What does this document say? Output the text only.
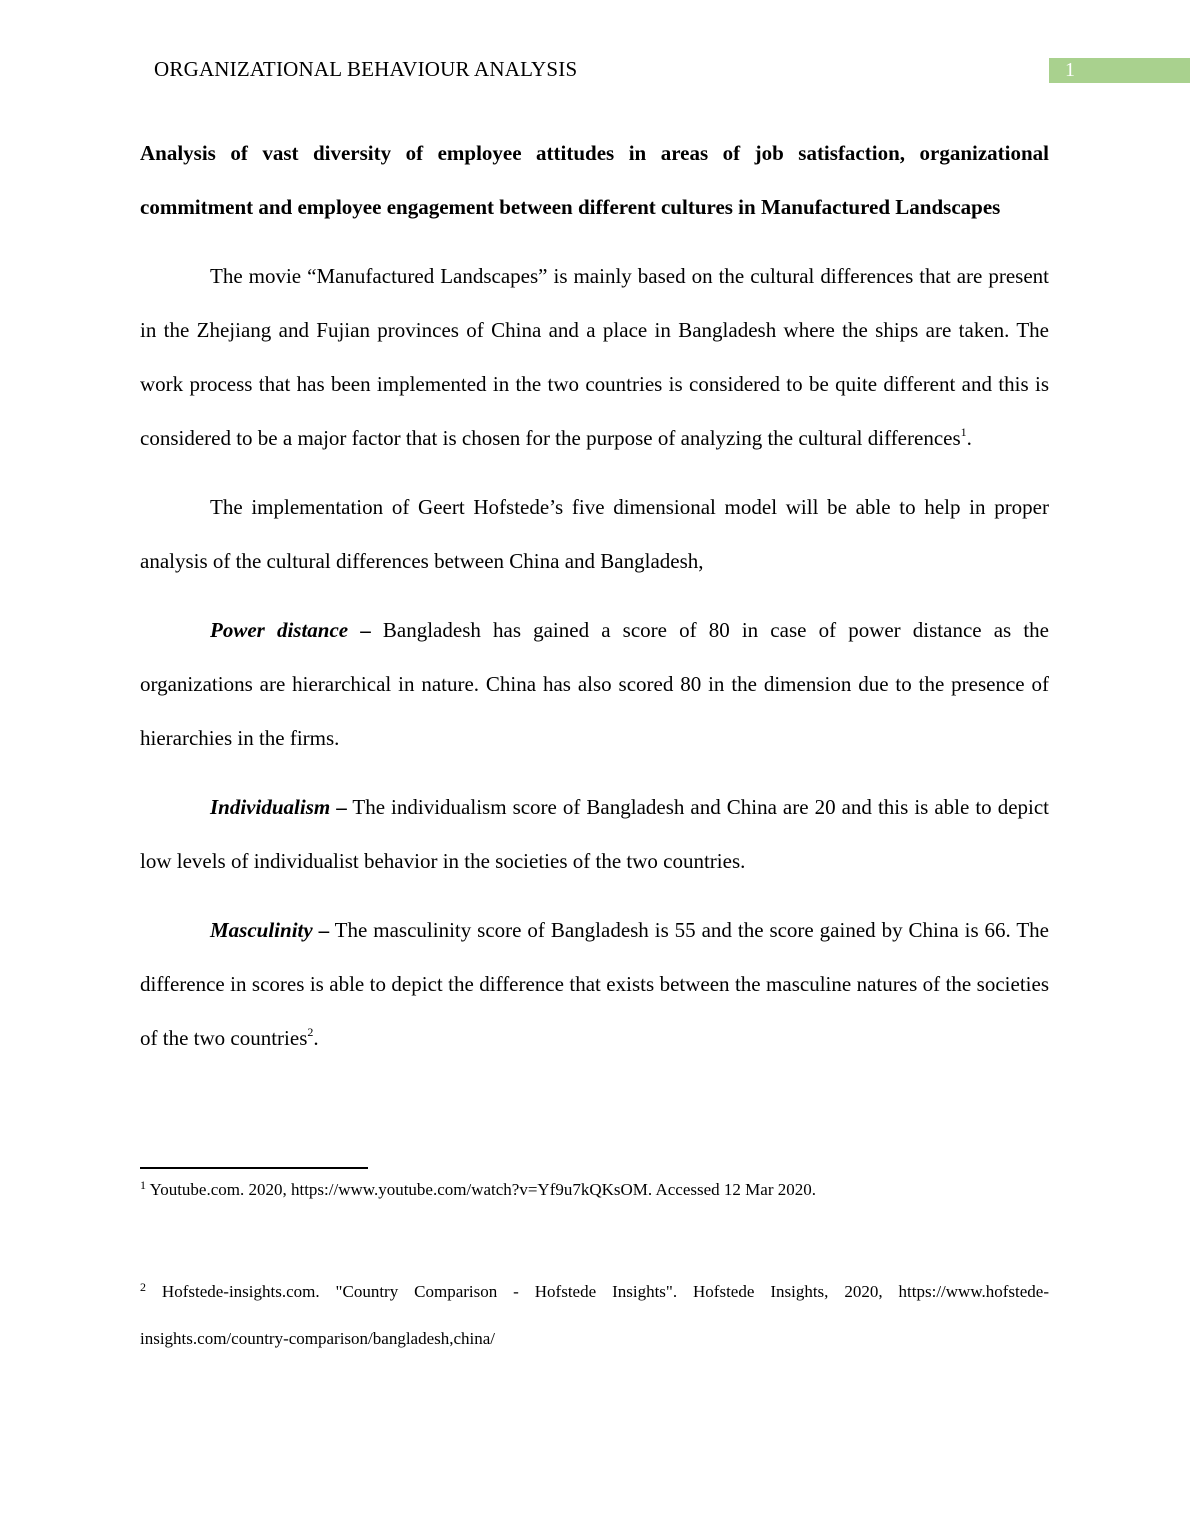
ORGANIZATIONAL BEHAVIOUR ANALYSIS	1
Analysis of vast diversity of employee attitudes in areas of job satisfaction, organizational commitment and employee engagement between different cultures in Manufactured Landscapes

The movie “Manufactured Landscapes” is mainly based on the cultural differences that are present in the Zhejiang and Fujian provinces of China and a place in Bangladesh where the ships are taken. The work process that has been implemented in the two countries is considered to be quite different and this is considered to be a major factor that is chosen for the purpose of analyzing the cultural differences$^1$.

The implementation of Geert Hofstede’s five dimensional model will be able to help in proper analysis of the cultural differences between China and Bangladesh,

Power distance – Bangladesh has gained a score of 80 in case of power distance as the organizations are hierarchical in nature. China has also scored 80 in the dimension due to the presence of hierarchies in the firms.

Individualism – The individualism score of Bangladesh and China are 20 and this is able to depict low levels of individualist behavior in the societies of the two countries.

Masculinity – The masculinity score of Bangladesh is 55 and the score gained by China is 66. The difference in scores is able to depict the difference that exists between the masculine natures of the societies of the two countries$^2$.

$^1$ Youtube.com. 2020, https://www.youtube.com/watch?v=Yf9u7kQKsOM. Accessed 12 Mar 2020.
$^2$ Hofstede-insights.com. "Country Comparison - Hofstede Insights". Hofstede Insights, 2020, https://www.hofstede-insights.com/country-comparison/bangladesh,china/
